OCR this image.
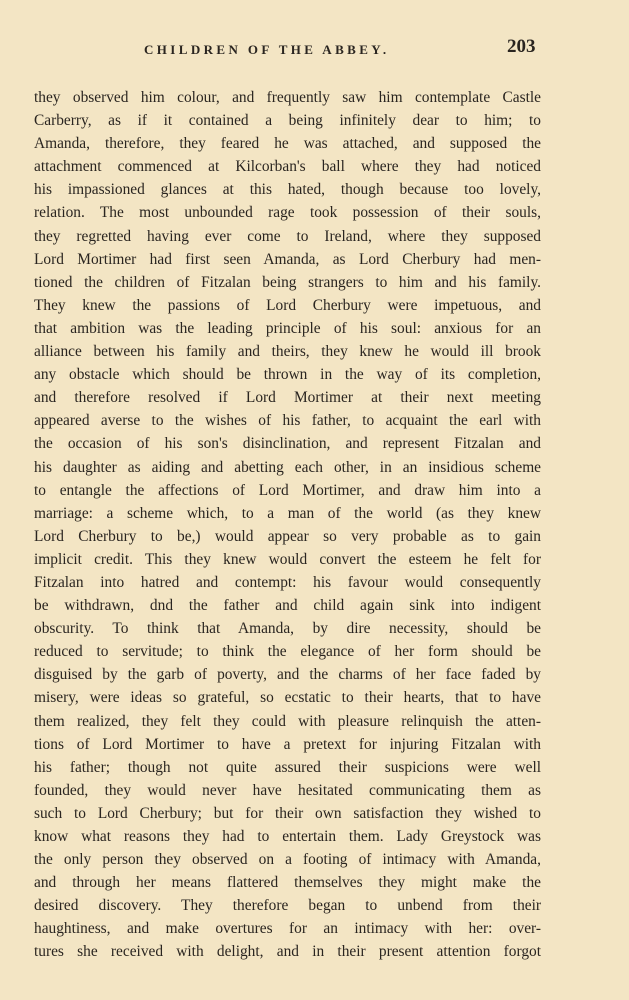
CHILDREN OF THE ABBEY.	203
they observed him colour, and frequently saw him contemplate Castle
Carberry, as if it contained a being infinitely dear to him; to
Amanda, therefore, they feared he was attached, and supposed the
attachment commenced at Kilcorban's ball where they had noticed
his impassioned glances at this hated, though because too lovely,
relation. The most unbounded rage took possession of their souls,
they regretted having ever come to Ireland, where they supposed
Lord Mortimer had first seen Amanda, as Lord Cherbury had men-
tioned the children of Fitzalan being strangers to him and his family.
They knew the passions of Lord Cherbury were impetuous, and
that ambition was the leading principle of his soul: anxious for an
alliance between his family and theirs, they knew he would ill brook
any obstacle which should be thrown in the way of its completion,
and therefore resolved if Lord Mortimer at their next meeting
appeared averse to the wishes of his father, to acquaint the earl with
the occasion of his son's disinclination, and represent Fitzalan and
his daughter as aiding and abetting each other, in an insidious scheme
to entangle the affections of Lord Mortimer, and draw him into a
marriage: a scheme which, to a man of the world (as they knew
Lord Cherbury to be,) would appear so very probable as to gain
implicit credit. This they knew would convert the esteem he felt for
Fitzalan into hatred and contempt: his favour would consequently
be withdrawn, dnd the father and child again sink into indigent
obscurity. To think that Amanda, by dire necessity, should be
reduced to servitude; to think the elegance of her form should be
disguised by the garb of poverty, and the charms of her face faded by
misery, were ideas so grateful, so ecstatic to their hearts, that to have
them realized, they felt they could with pleasure relinquish the atten-
tions of Lord Mortimer to have a pretext for injuring Fitzalan with
his father; though not quite assured their suspicions were well
founded, they would never have hesitated communicating them as
such to Lord Cherbury; but for their own satisfaction they wished to
know what reasons they had to entertain them. Lady Greystock was
the only person they observed on a footing of intimacy with Amanda,
and through her means flattered themselves they might make the
desired discovery. They therefore began to unbend from their
haughtiness, and make overtures for an intimacy with her: over-
tures she received with delight, and in their present attention forgot
